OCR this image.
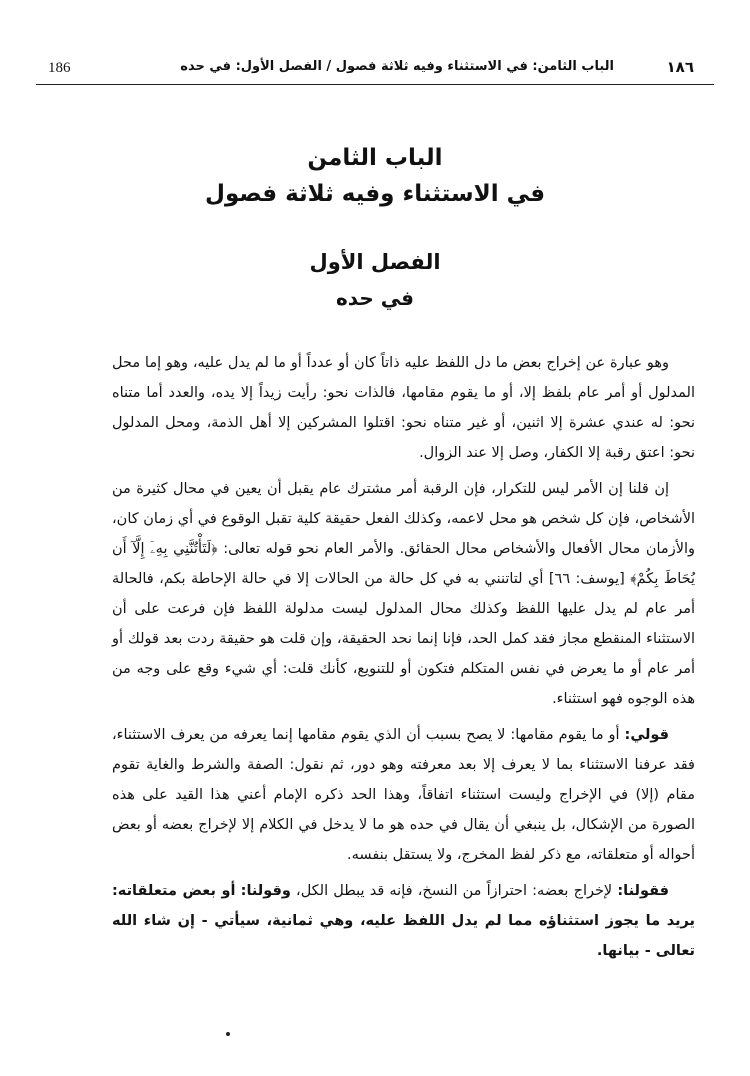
186	الباب الثامن: في الاستثناء وفيه ثلاثة فصول / الفصل الأول: في حده	١٨٦

الباب الثامن

في الاستثناء وفيه ثلاثة فصول

الفصل الأول

في حده

وهو عبارة عن إخراج بعض ما دل اللفظ عليه ذاتاً كان أو عدداً أو ما لم يدل عليه، وهو إما محل المدلول أو أمر عام بلفظ إلا، أو ما يقوم مقامها، فالذات نحو: رأيت زيداً إلا يده، والعدد أما متناه نحو: له عندي عشرة إلا اثنين، أو غير متناه نحو: اقتلوا المشركين إلا أهل الذمة، ومحل المدلول نحو: اعتق رقبة إلا الكفار، وصل إلا عند الزوال.

إن قلنا إن الأمر ليس للتكرار، فإن الرقبة أمر مشترك عام يقبل أن يعين في محال كثيرة من الأشخاص، فإن كل شخص هو محل لاعمه، وكذلك الفعل حقيقة كلية تقبل الوقوع في أي زمان كان، والأزمان محال الأفعال والأشخاص محال الحقائق. والأمر العام نحو قوله تعالى: ﴿لَتَأْتُنَّنِي بِهِۦٓ إِلَّآ أَن يُحَاطَ بِكُمْ﴾ [يوسف: ٦٦] أي لتاتنني به في كل حالة من الحالات إلا في حالة الإحاطة بكم، فالحالة أمر عام لم يدل عليها اللفظ وكذلك محال المدلول ليست مدلولة اللفظ فإن فرعت على أن الاستثناء المنقطع مجاز فقد كمل الحد، فإنا إنما نحد الحقيقة، وإن قلت هو حقيقة ردت بعد قولك أو أمر عام أو ما يعرض في نفس المتكلم فتكون أو للتنويع، كأنك قلت: أي شيء وقع على وجه من هذه الوجوه فهو استثناء.

قولي: أو ما يقوم مقامها: لا يصح بسبب أن الذي يقوم مقامها إنما يعرفه من يعرف الاستثناء، فقد عرفنا الاستثناء بما لا يعرف إلا بعد معرفته وهو دور، ثم نقول: الصفة والشرط والغاية تقوم مقام (إلا) في الإخراج وليست استثناء اتفاقاً، وهذا الحد ذكره الإمام أعني هذا القيد على هذه الصورة من الإشكال، بل ينبغي أن يقال في حده هو ما لا يدخل في الكلام إلا لإخراج بعضه أو بعض أحواله أو متعلقاته، مع ذكر لفظ المخرج، ولا يستقل بنفسه.

فقولنا: لإخراج بعضه: احترازاً من النسخ، فإنه قد يبطل الكل، وقولنا: أو بعض متعلقاته: يريد ما يجوز استثناؤه مما لم يدل اللفظ عليه، وهي ثمانية، سيأتي - إن شاء الله تعالى - بيانها.
